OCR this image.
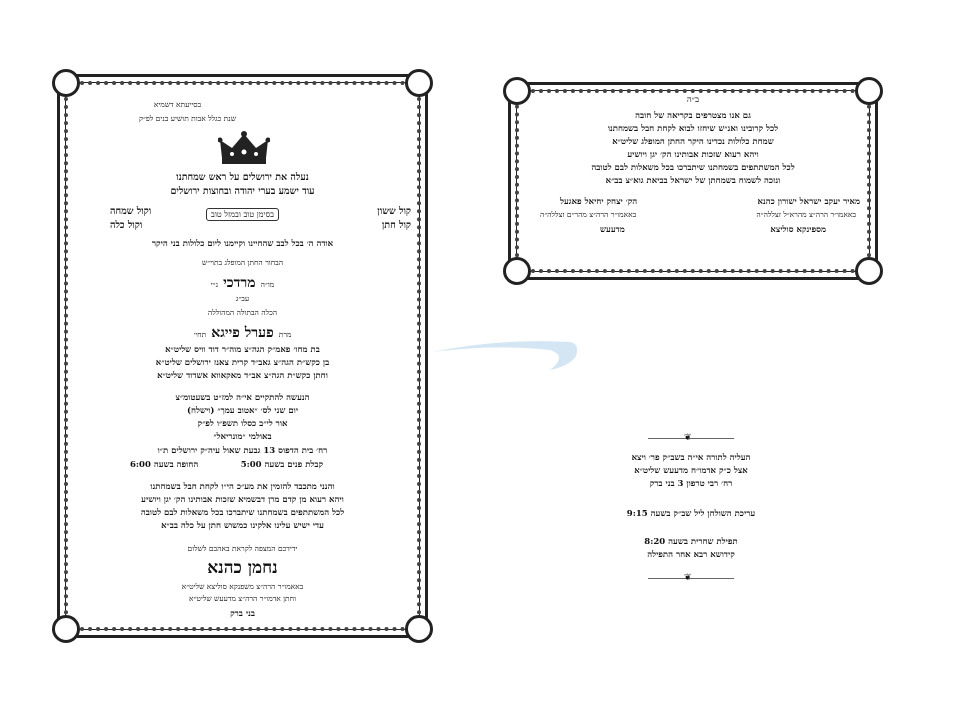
בסייעתא דשמיא
שנת כגלל אבות תושיע בנים לפ״ק
נעלה את ירושלים על ראש שמחתנו
עוד ישמע בערי יהודה ובחוצות ירושלים
קול ששון
קול חתן
וקול שמחה
וקול כלה
בסימן טוב ובמזל טוב
אודה ה׳ בכל לבב שהחיינו וקיימנו ליום כלולות בני היקר
הבחור החתן המופלג בתוי״ש
מו״ה מרדכי נ״י
עב״ג
הכלה הבתולה המהוללה
מרת פערל פייגא תחי׳
בת מחו׳ פאמ״ק הגה״צ מוה״ר דוד וויס שליט״א
בן כקש״ת הגה״צ גאב״ד קרית צאנז ירושלים שליט״א
וחתן כקש״ת הגה״צ אב״ד מאקאווא אשדוד שליט״א
הנעשה להתקיים אי״ה למז״ט בשעטומ״צ
יום שני לס׳ ״אטוב עמך״ (וישלח)
אור לי״ב כסלו תשפ״ו לפ״ק
באולמי ״מונריאל״
רח׳ בית הדפוס 13 גבעת שאול עיה״ק ירושלים ת״ו
קבלת פנים בשעה 5:00
החופה בשעה 6:00
והנני מתכבד להזמין את מע״כ הי״ו לקחת חבל בשמחתנו
ויהא רעוא מן קדם מרן דבשמיא שזכות אבותינו הק׳ יגן ויושיע
לכל המשתתפים בשמחתנו שיתברכו בכל משאלות לבם לטובה
עדי ישיש עלינו אלקינו כמשוש חתן על כלה בב״א
ידידכם המצפה לקראת באהבם לשלום
נחמן כהנא
באאמו״ר הרה״צ משפנקא סוליצא שליט״א
וחתן אדמו״ר הרה״צ מדעעש שליט״א
בני ברק
ב״ה
גם אנו מצטרפים בקריאה של חובה
לכל קרובינו ואנ״ש שיחזו לבוא לקחת חבל בשמחתנו
שמחת כלולות נכדינו היקר החתן המופלג שליט״א
ויהא רעוא שזכות אבותינו הק׳ יגן ויושיע
לכל המשתתפים בשמחתנו שיתברכו בכל משאלות לבם לטובה
ונזכה לשמוח בשמחתן של ישראל בביאת גוא״צ בב״א
מאיר יעקב ישראל ישורון כהנא
באאמו״ר הרה״צ מהרא״ל זצללה״ה
מספינקא סוליצא
הק׳ יצחק יחיאל פאגעל
באאמו״ר הרה״צ מהר״ם זצללה״ה
מדעעש
❦
העליה לתורה אי״ה בשב״ק פר׳ ויצא
אצל כ״ק אדמו״ח מדעעש שליט״א
רח׳ רבי טרפון 3 בני ברק
עריכת השולחן ליל שב״ק בשעה 9:15
תפילת שחרית בשעה 8:20
קידושא רבא אחר התפילה
❦
